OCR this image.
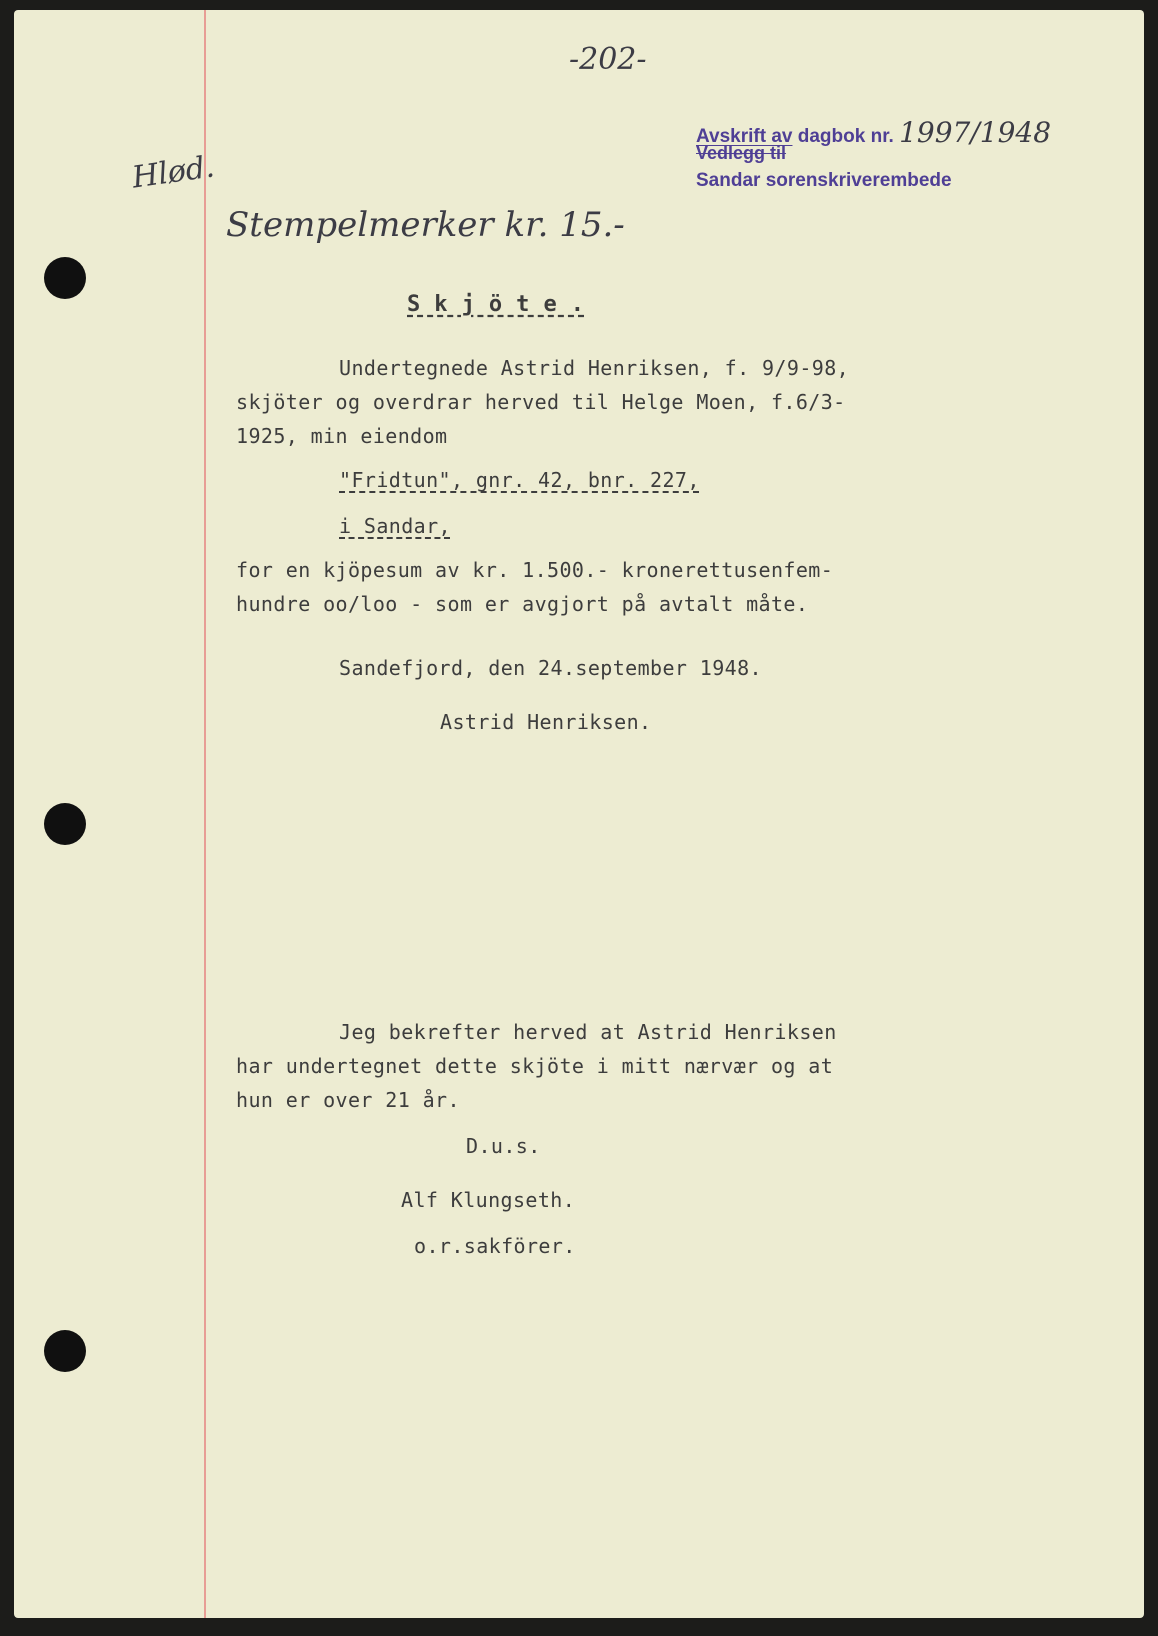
-202-
Hlød.
Avskrift av dagbok nr. 1997/1948
Vedlegg til
Sandar sorenskriverembede
Stempelmerker kr. 15.-
S k j ö t e .
Undertegnede Astrid Henriksen, f. 9/9-98,
skjöter og overdrar herved til Helge Moen, f.6/3-
1925, min eiendom
"Fridtun", gnr. 42, bnr. 227,
i Sandar,
for en kjöpesum av kr. 1.500.- kronerettusenfem-
hundre oo/loo - som er avgjort på avtalt måte.
Sandefjord, den 24.september 1948.
Astrid Henriksen.
Jeg bekrefter herved at Astrid Henriksen
har undertegnet dette skjöte i mitt nærvær og at
hun er over 21 år.
D.u.s.
Alf Klungseth.
o.r.sakförer.
